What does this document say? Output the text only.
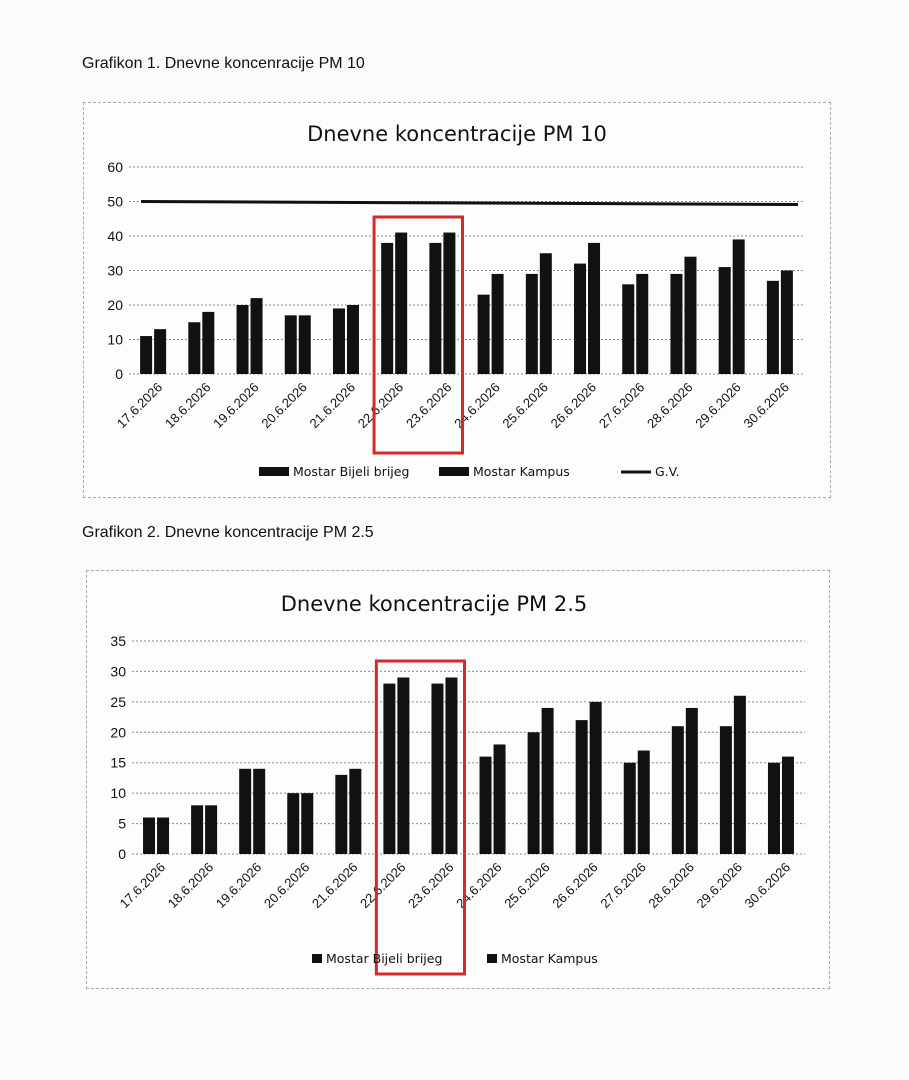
Grafikon 1. Dnevne koncenracije PM 10
Dnevne koncentracije PM 10
0
10
20
30
40
50
60
17.6.2026
18.6.2026
19.6.2026
20.6.2026
21.6.2026
22.6.2026
23.6.2026
24.6.2026
25.6.2026
26.6.2026
27.6.2026
28.6.2026
29.6.2026
30.6.2026
Mostar Bijeli brijeg	Mostar Kampus	G.V.
Grafikon 2. Dnevne koncentracije PM 2.5
Dnevne koncentracije PM 2.5
0
5
10
15
20
25
30
35
17.6.2026
18.6.2026
19.6.2026
20.6.2026
21.6.2026
22.6.2026
23.6.2026
24.6.2026
25.6.2026
26.6.2026
27.6.2026
28.6.2026
29.6.2026
30.6.2026
Mostar Bijeli brijeg	Mostar Kampus
